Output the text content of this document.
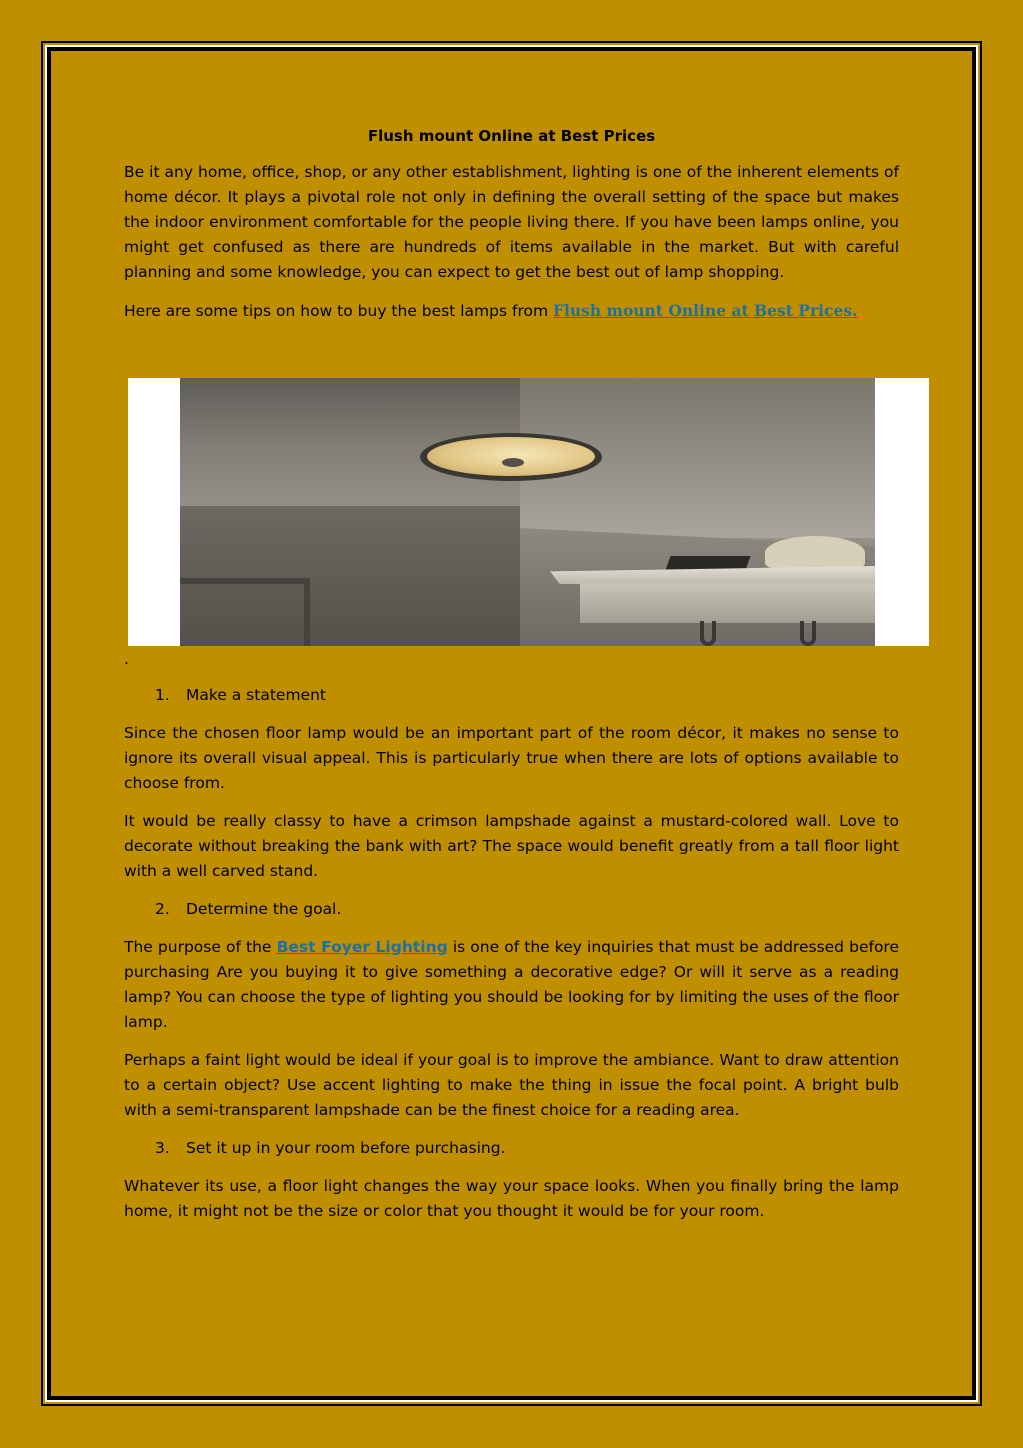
Flush mount Online at Best Prices

Be it any home, office, shop, or any other establishment, lighting is one of the inherent elements of home décor. It plays a pivotal role not only in defining the overall setting of the space but makes the indoor environment comfortable for the people living there. If you have been lamps online, you might get confused as there are hundreds of items available in the market. But with careful planning and some knowledge, you can expect to get the best out of lamp shopping.

Here are some tips on how to buy the best lamps from Flush mount Online at Best Prices.

.

1.	Make a statement

Since the chosen floor lamp would be an important part of the room décor, it makes no sense to ignore its overall visual appeal. This is particularly true when there are lots of options available to choose from.

It would be really classy to have a crimson lampshade against a mustard-colored wall. Love to decorate without breaking the bank with art? The space would benefit greatly from a tall floor light with a well carved stand.

2.	Determine the goal.

The purpose of the Best Foyer Lighting is one of the key inquiries that must be addressed before purchasing Are you buying it to give something a decorative edge? Or will it serve as a reading lamp? You can choose the type of lighting you should be looking for by limiting the uses of the floor lamp.

Perhaps a faint light would be ideal if your goal is to improve the ambiance. Want to draw attention to a certain object? Use accent lighting to make the thing in issue the focal point. A bright bulb with a semi-transparent lampshade can be the finest choice for a reading area.

3.	Set it up in your room before purchasing.

Whatever its use, a floor light changes the way your space looks. When you finally bring the lamp home, it might not be the size or color that you thought it would be for your room.
